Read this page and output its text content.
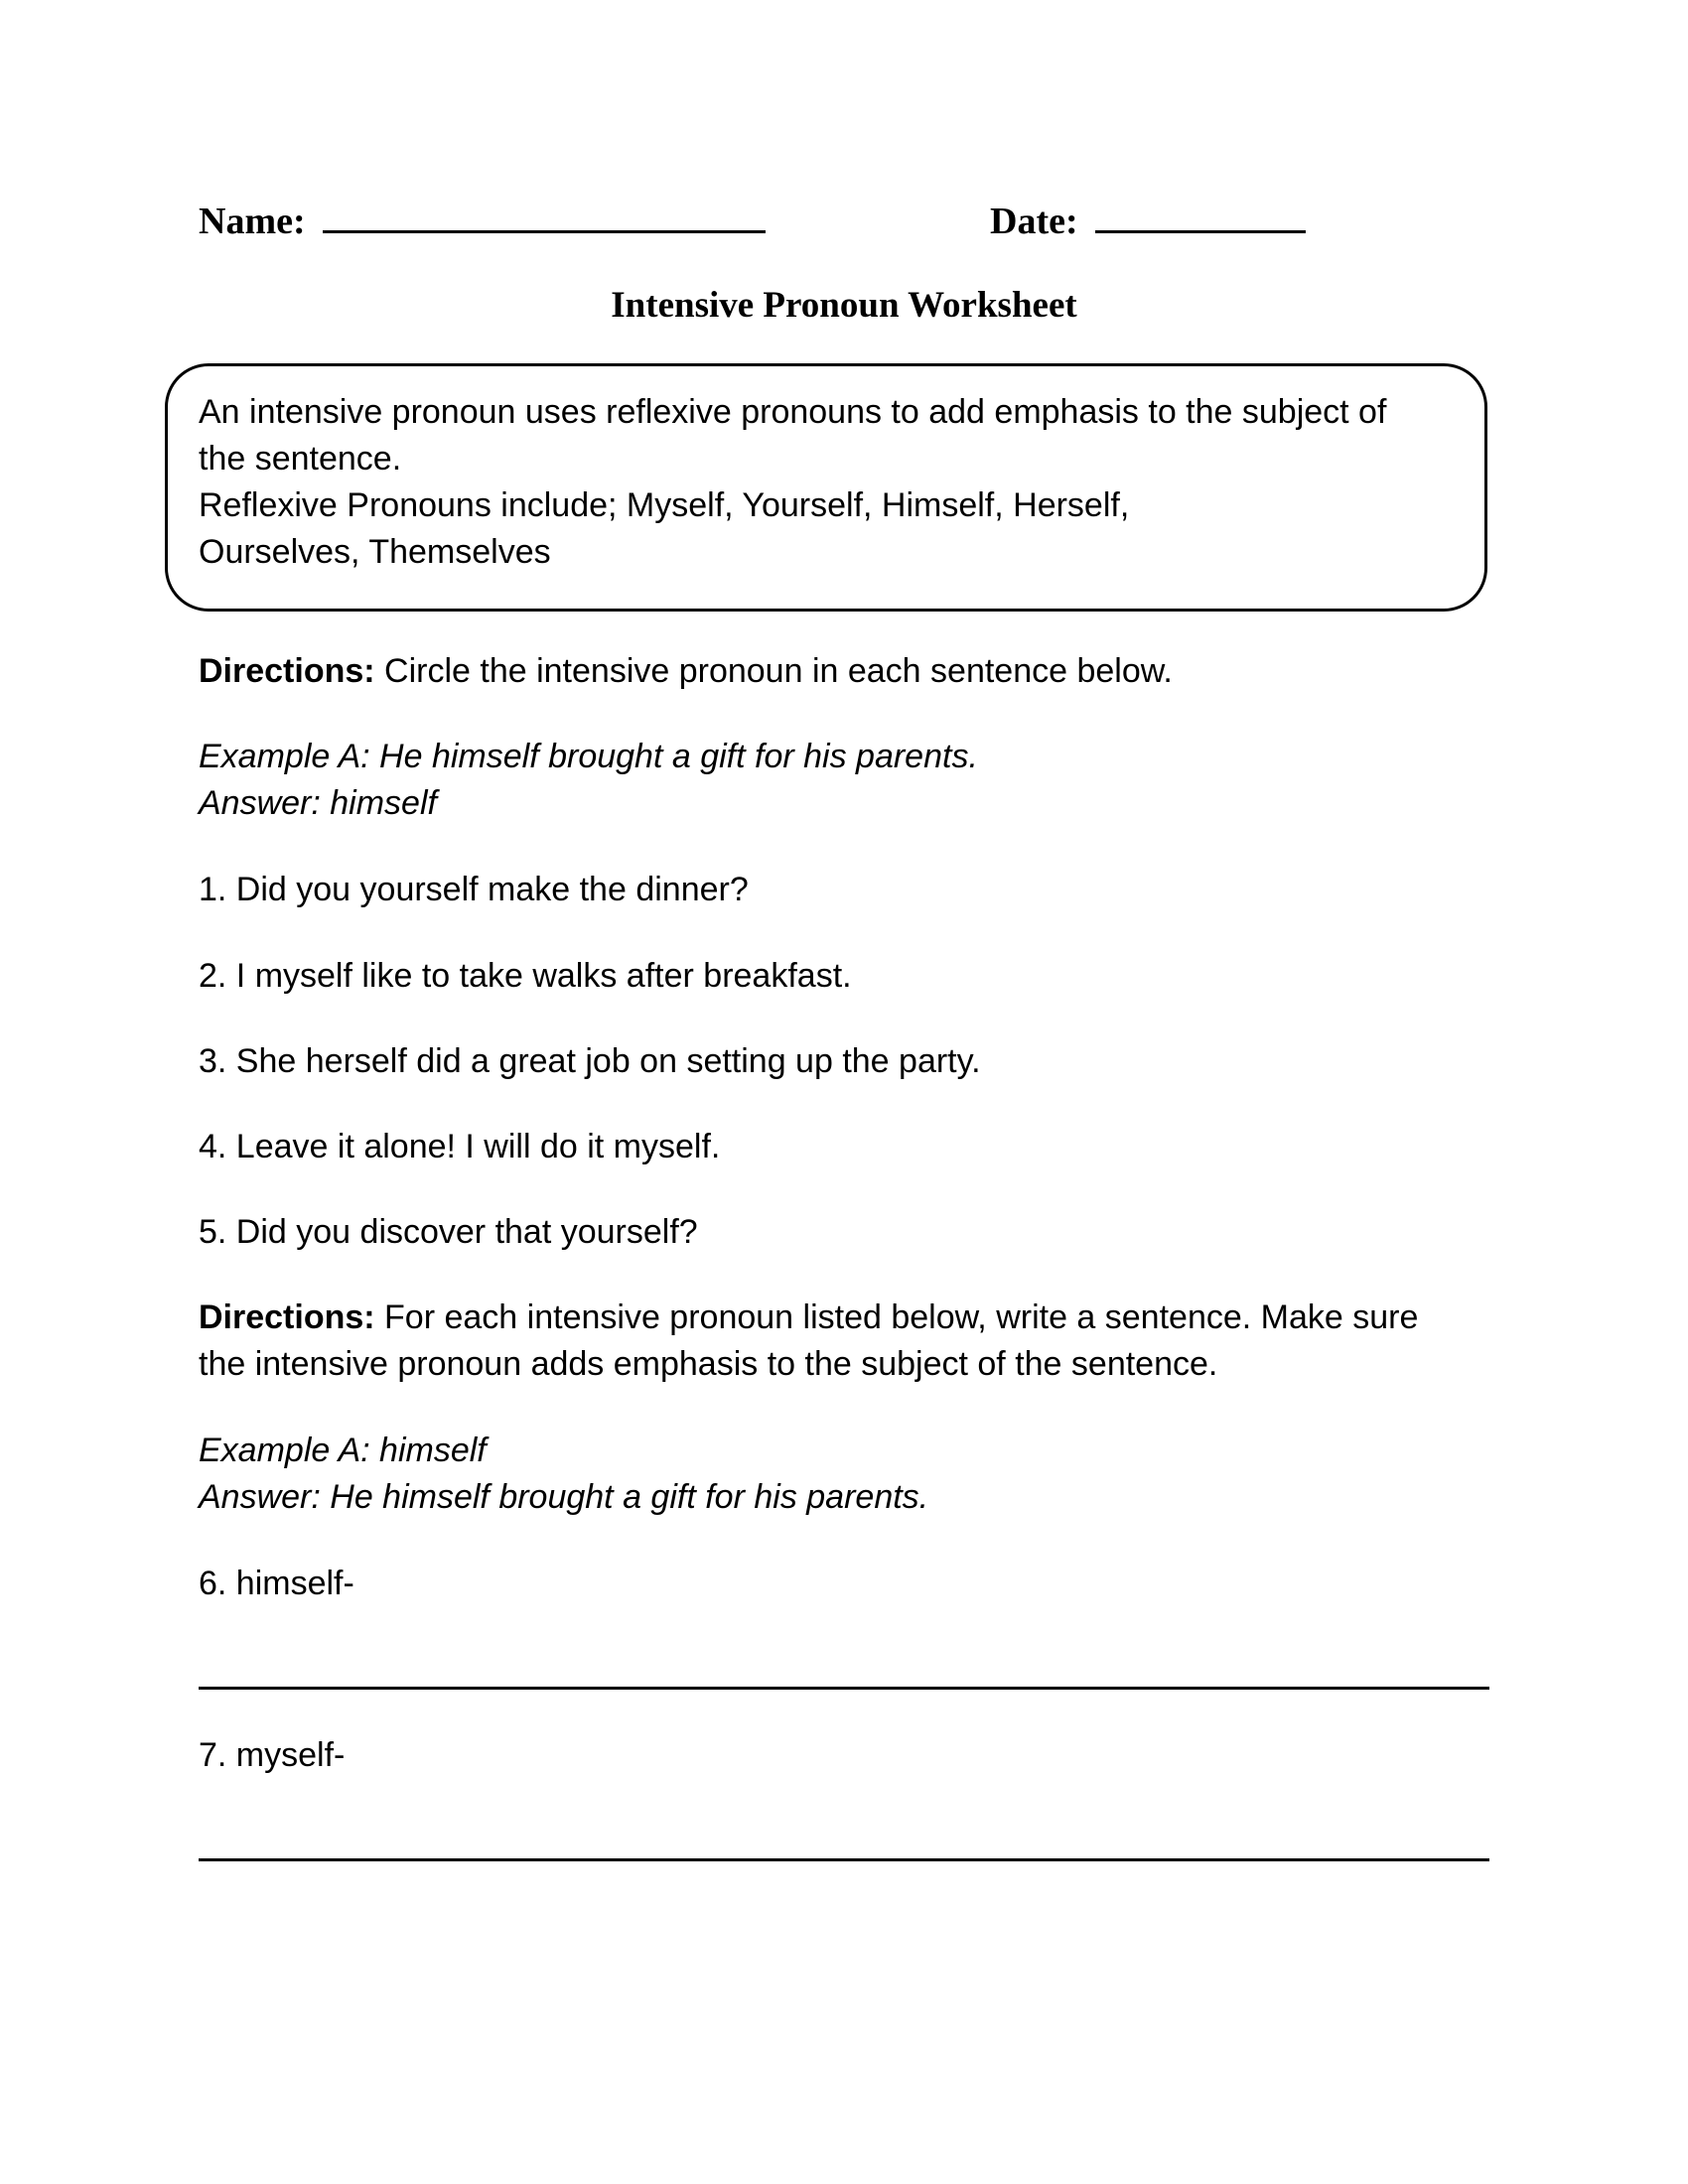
Name:	Date:
Intensive Pronoun Worksheet
An intensive pronoun uses reflexive pronouns to add emphasis to the subject of
the sentence.
Reflexive Pronouns include; Myself, Yourself, Himself, Herself,
Ourselves, Themselves
Directions: Circle the intensive pronoun in each sentence below.
Example A: He himself brought a gift for his parents.
Answer: himself
1. Did you yourself make the dinner?
2. I myself like to take walks after breakfast.
3. She herself did a great job on setting up the party.
4. Leave it alone! I will do it myself.
5. Did you discover that yourself?
Directions: For each intensive pronoun listed below, write a sentence. Make sure
the intensive pronoun adds emphasis to the subject of the sentence.
Example A: himself
Answer: He himself brought a gift for his parents.
6. himself-
7. myself-
